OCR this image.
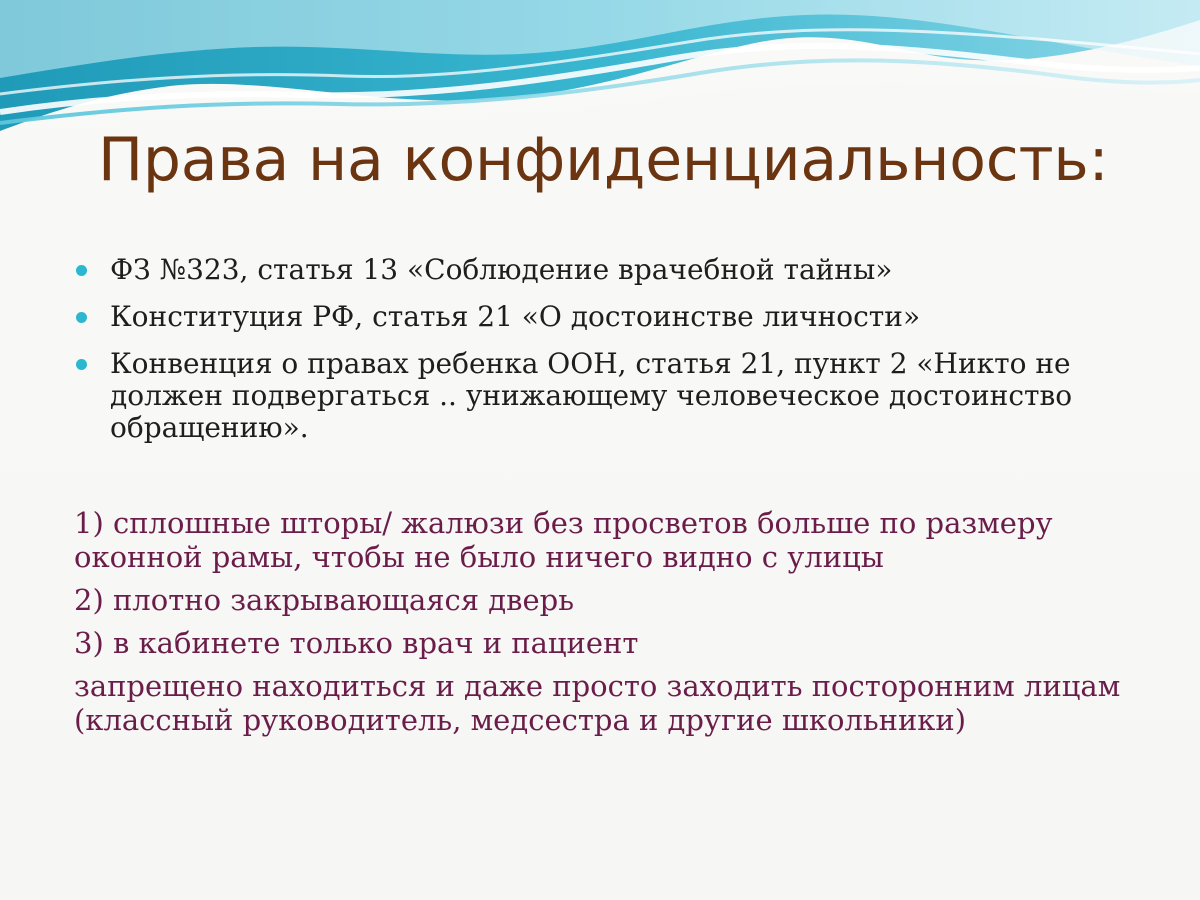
Права на конфиденциальность:
ФЗ №323, статья 13 «Соблюдение врачебной тайны»
Конституция РФ, статья 21 «О достоинстве личности»
Конвенция о правах ребенка ООН, статья 21, пункт 2 «Никто не должен подвергаться .. унижающему человеческое достоинство обращению».

1) сплошные шторы/ жалюзи без просветов больше по размеру оконной рамы, чтобы не было ничего видно с улицы

2) плотно закрывающаяся дверь

3) в кабинете только врач и пациент

запрещено находиться и даже просто заходить посторонним лицам (классный руководитель, медсестра и другие школьники)
